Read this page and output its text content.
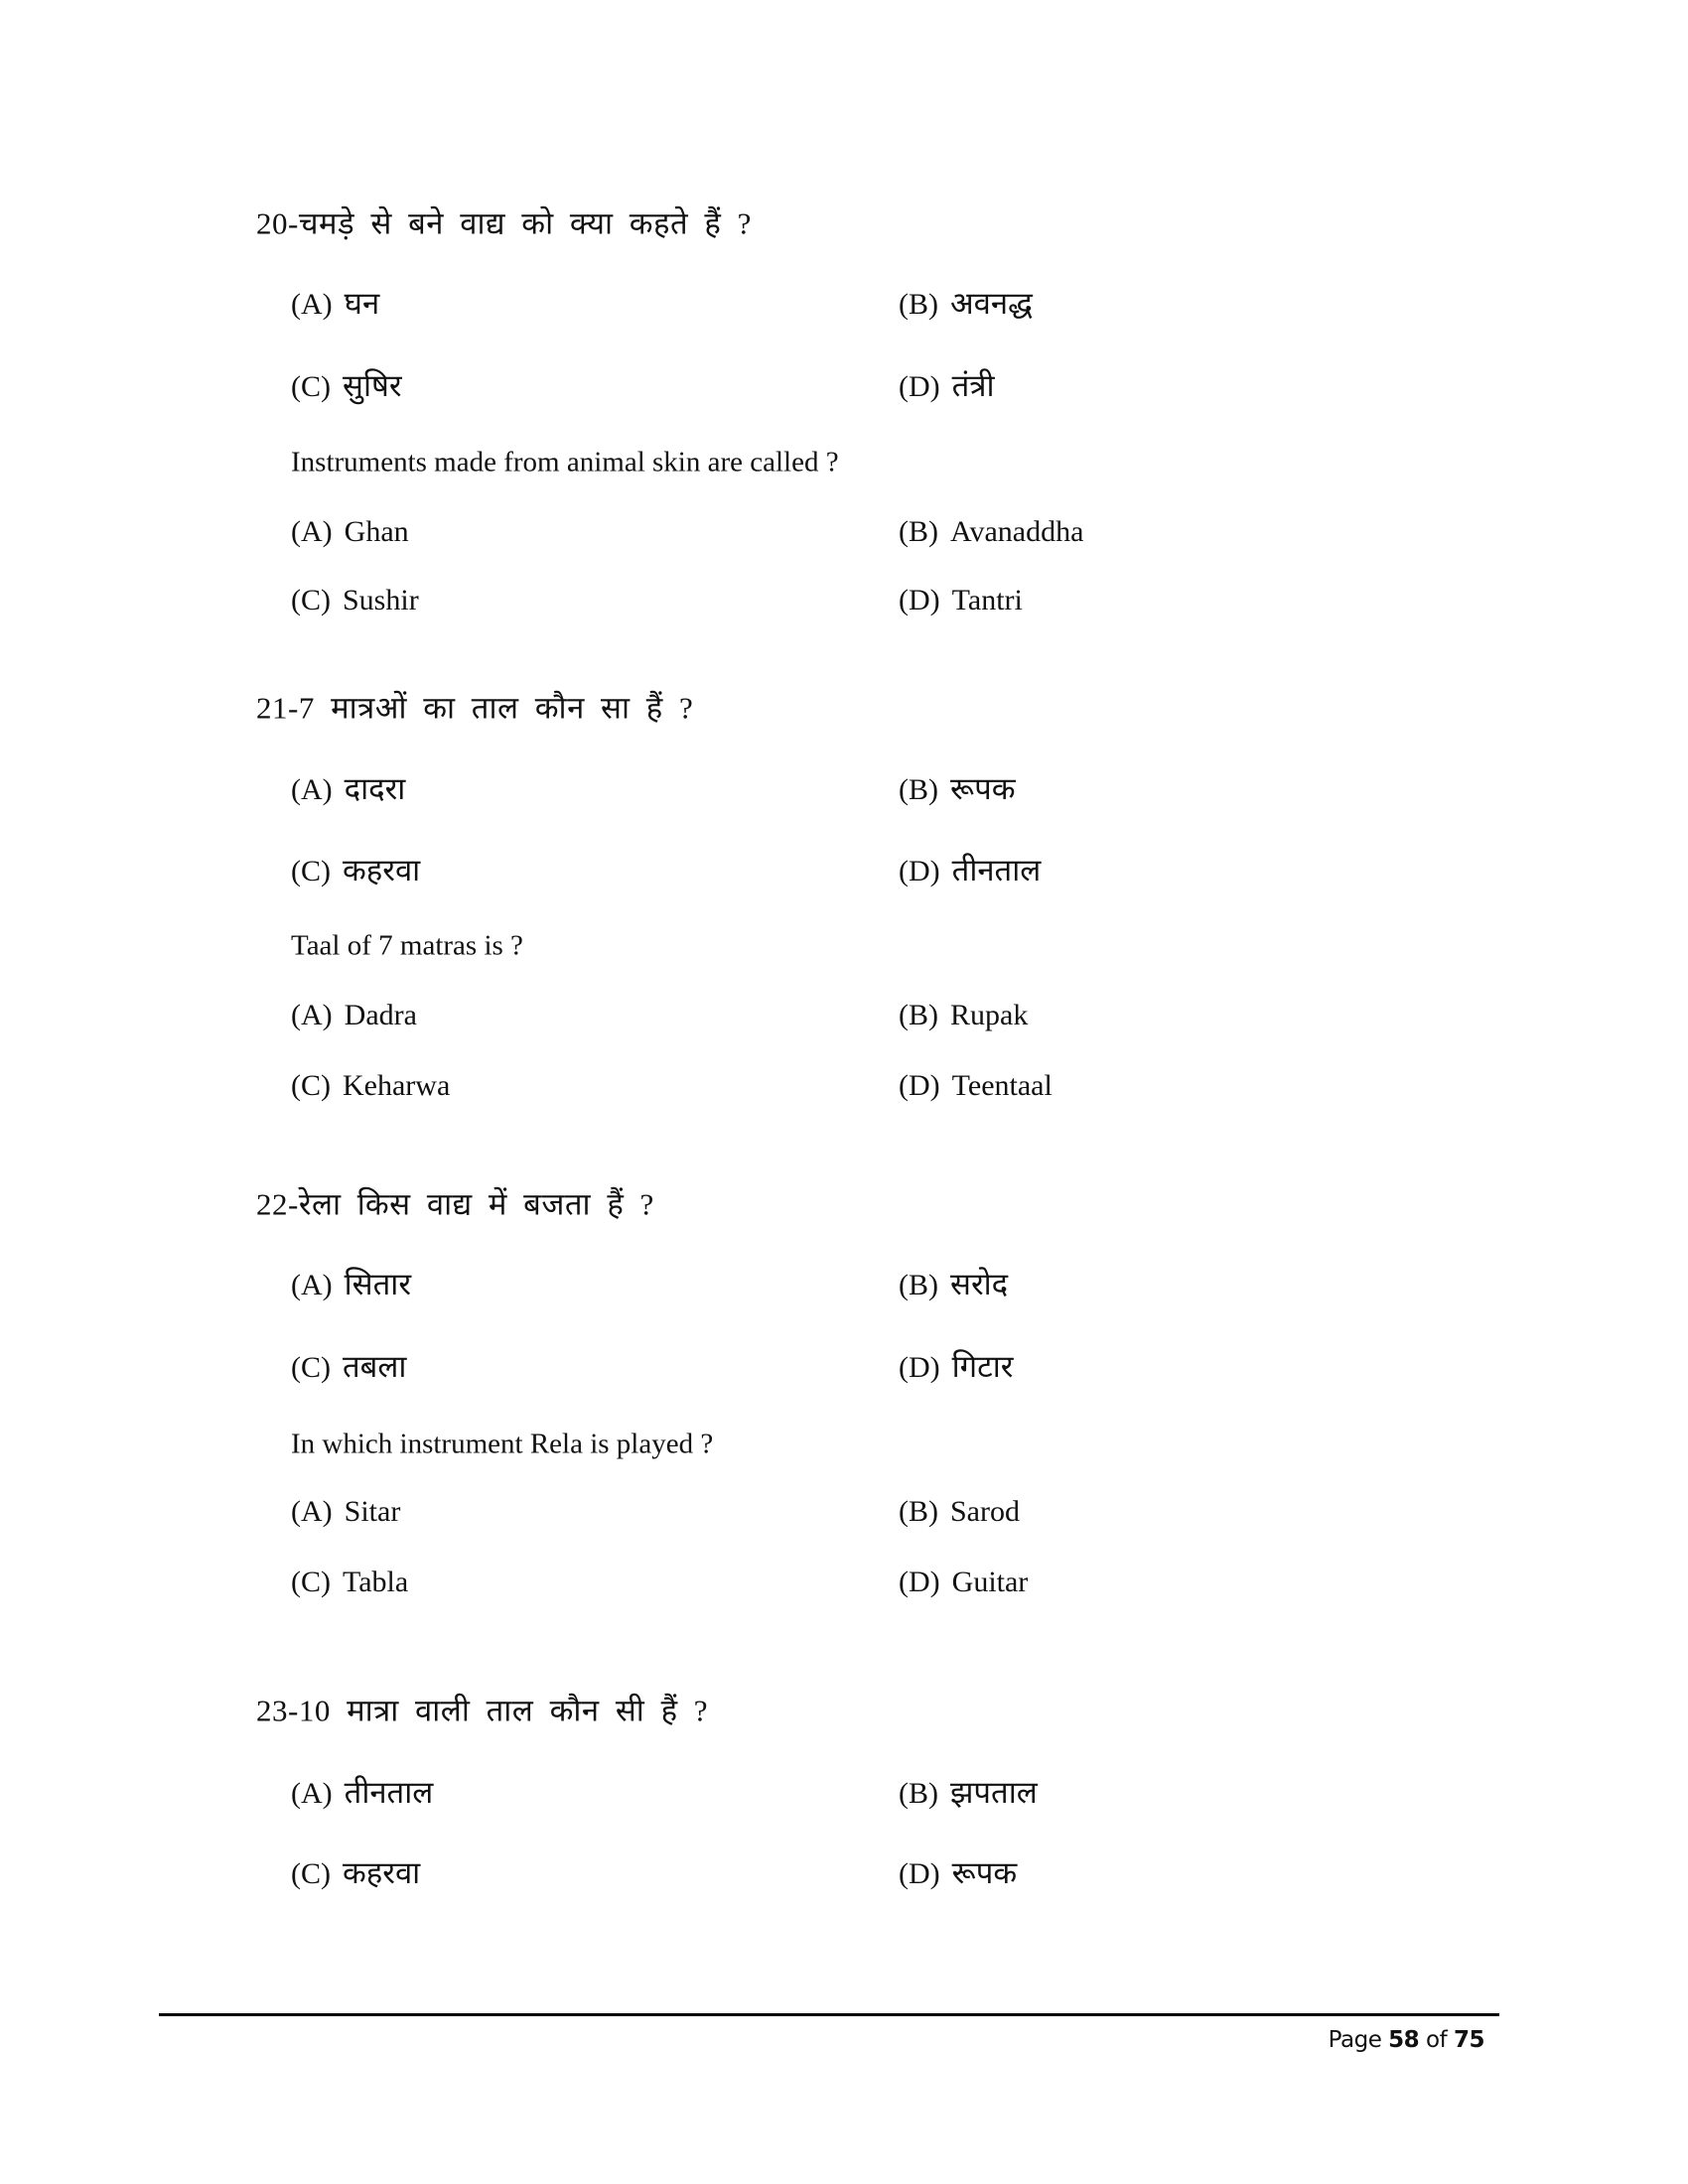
20-चमड़े से बने वाद्य को क्या कहते हैं ?
(A) घन	(B) अवनद्ध
(C) सुषिर	(D) तंत्री
Instruments made from animal skin are called ?
(A) Ghan	(B) Avanaddha
(C) Sushir	(D) Tantri
21-7 मात्रओं का ताल कौन सा हैं ?
(A) दादरा	(B) रूपक
(C) कहरवा	(D) तीनताल
Taal of 7 matras is ?
(A) Dadra	(B) Rupak
(C) Keharwa	(D) Teentaal
22-रेला किस वाद्य में बजता हैं ?
(A) सितार	(B) सरोद
(C) तबला	(D) गिटार
In which instrument Rela is played ?
(A) Sitar	(B) Sarod
(C) Tabla	(D) Guitar
23-10 मात्रा वाली ताल कौन सी हैं ?
(A) तीनताल	(B) झपताल
(C) कहरवा	(D) रूपक
Page 58 of 75
